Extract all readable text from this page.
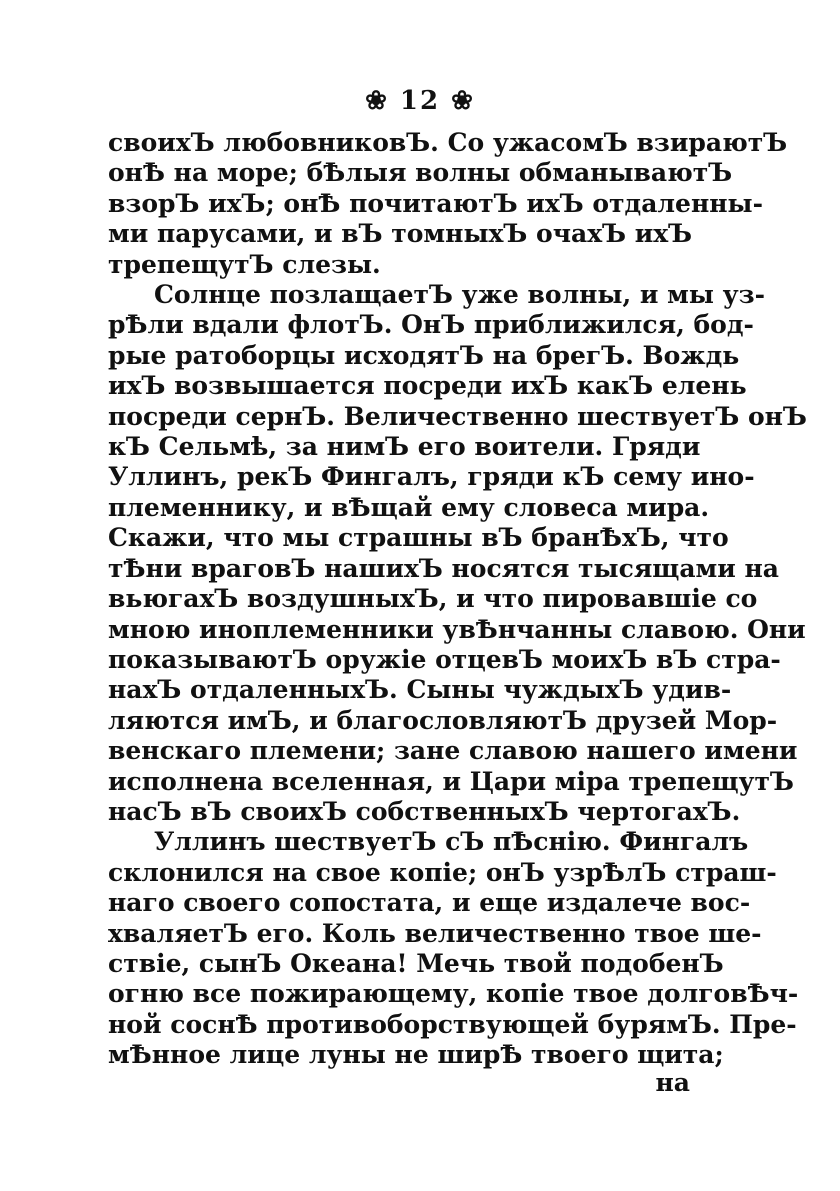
❀ 12 ❀
своихЪ любовниковЪ. Со ужасомЪ взираютЪ
онѢ на море; бѢлыя волны обманываютЪ
взорЪ ихЪ; онѢ почитаютЪ ихЪ отдаленны-
ми парусами, и вЪ томныхЪ очахЪ ихЪ
трепещутЪ слезы.
Солнце позлащаетЪ уже волны, и мы уз-
рѢли вдали флотЪ. ОнЪ приближился, бод-
рые ратоборцы исходятЪ на брегЪ. Вождь
ихЪ возвышается посреди ихЪ какЪ елень
посреди сернЪ. Величественно шествуетЪ онЪ
кЪ Сельмѣ, за нимЪ его воители. Гряди
Уллинъ, рекЪ Фингалъ, гряди кЪ сему ино-
племеннику, и вѢщай ему словеса мира.
Скажи, что мы страшны вЪ бранѢхЪ, что
тѢни враговЪ нашихЪ носятся тысящами на
вьюгахЪ воздушныхЪ, и что пировавшіе со
мною иноплеменники увѢнчанны славою. Они
показываютЪ оружіе отцевЪ моихЪ вЪ стра-
нахЪ отдаленныхЪ. Сыны чуждыхЪ удив-
ляются имЪ, и благословляютЪ друзей Мор-
венскаго племени; зане славою нашего имени
исполнена вселенная, и Цари міра трепещутЪ
насЪ вЪ своихЪ собственныхЪ чертогахЪ.
Уллинъ шествуетЪ сЪ пѢснію. Фингалъ
склонился на свое копіе; онЪ узрѢлЪ страш-
наго своего сопостата, и еще издалече вос-
хваляетЪ его. Коль величественно твое ше-
ствіе, сынЪ Океана! Мечь твой подобенЪ
огню все пожирающему, копіе твое долговѢч-
ной соснѢ противоборствующей бурямЪ. Пре-
мѢнное лице луны не ширѢ твоего щита;
на
